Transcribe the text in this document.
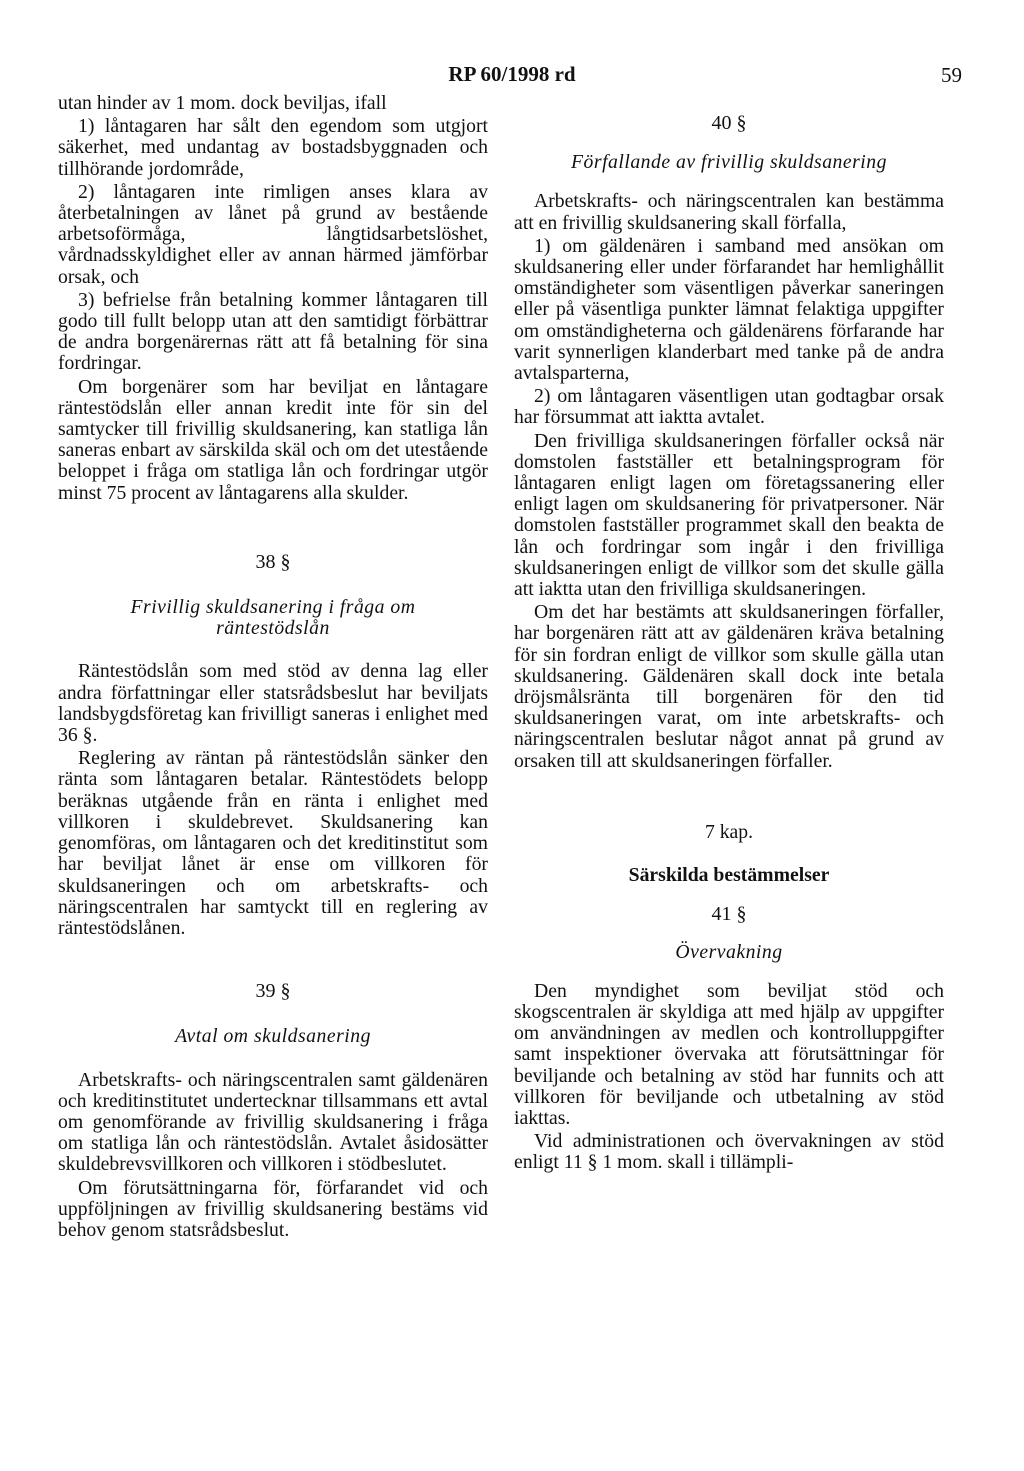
RP 60/1998 rd	59

utan hinder av 1 mom. dock beviljas, ifall

1) låntagaren har sålt den egendom som utgjort säkerhet, med undantag av bostadsbyggnaden och tillhörande jordområde,

2) låntagaren inte rimligen anses klara av återbetalningen av lånet på grund av bestående arbetsoförmåga, långtidsarbetslöshet, vårdnadsskyldighet eller av annan härmed jämförbar orsak, och

3) befrielse från betalning kommer låntagaren till godo till fullt belopp utan att den samtidigt förbättrar de andra borgenärernas rätt att få betalning för sina fordringar.

Om borgenärer som har beviljat en låntagare räntestödslån eller annan kredit inte för sin del samtycker till frivillig skuldsanering, kan statliga lån saneras enbart av särskilda skäl och om det utestående beloppet i fråga om statliga lån och fordringar utgör minst 75 procent av låntagarens alla skulder.

38 §
Frivillig skuldsanering i fråga om räntestödslån

Räntestödslån som med stöd av denna lag eller andra författningar eller statsrådsbeslut har beviljats landsbygdsföretag kan frivilligt saneras i enlighet med 36 §.

Reglering av räntan på räntestödslån sänker den ränta som låntagaren betalar. Räntestödets belopp beräknas utgående från en ränta i enlighet med villkoren i skuldebrevet. Skuldsanering kan genomföras, om låntagaren och det kreditinstitut som har beviljat lånet är ense om villkoren för skuldsaneringen och om arbetskrafts- och näringscentralen har samtyckt till en reglering av räntestödslånen.

39 §
Avtal om skuldsanering

Arbetskrafts- och näringscentralen samt gäldenären och kreditinstitutet undertecknar tillsammans ett avtal om genomförande av frivillig skuldsanering i fråga om statliga lån och räntestödslån. Avtalet åsidosätter skuldebrevsvillkoren och villkoren i stödbeslutet.

Om förutsättningarna för, förfarandet vid och uppföljningen av frivillig skuldsanering bestäms vid behov genom statsrådsbeslut.

40 §
Förfallande av frivillig skuldsanering

Arbetskrafts- och näringscentralen kan bestämma att en frivillig skuldsanering skall förfalla,

1) om gäldenären i samband med ansökan om skuldsanering eller under förfarandet har hemlighållit omständigheter som väsentligen påverkar saneringen eller på väsentliga punkter lämnat felaktiga uppgifter om omständigheterna och gäldenärens förfarande har varit synnerligen klanderbart med tanke på de andra avtalsparterna,

2) om låntagaren väsentligen utan godtagbar orsak har försummat att iaktta avtalet.

Den frivilliga skuldsaneringen förfaller också när domstolen fastställer ett betalningsprogram för låntagaren enligt lagen om företagssanering eller enligt lagen om skuldsanering för privatpersoner. När domstolen fastställer programmet skall den beakta de lån och fordringar som ingår i den frivilliga skuldsaneringen enligt de villkor som det skulle gälla att iaktta utan den frivilliga skuldsaneringen.

Om det har bestämts att skuldsaneringen förfaller, har borgenären rätt att av gäldenären kräva betalning för sin fordran enligt de villkor som skulle gälla utan skuldsanering. Gäldenären skall dock inte betala dröjsmålsränta till borgenären för den tid skuldsaneringen varat, om inte arbetskrafts- och näringscentralen beslutar något annat på grund av orsaken till att skuldsaneringen förfaller.

7 kap.
Särskilda bestämmelser
41 §
Övervakning

Den myndighet som beviljat stöd och skogscentralen är skyldiga att med hjälp av uppgifter om användningen av medlen och kontrolluppgifter samt inspektioner övervaka att förutsättningar för beviljande och betalning av stöd har funnits och att villkoren för beviljande och utbetalning av stöd iakttas.

Vid administrationen och övervakningen av stöd enligt 11 § 1 mom. skall i tillämpli-
